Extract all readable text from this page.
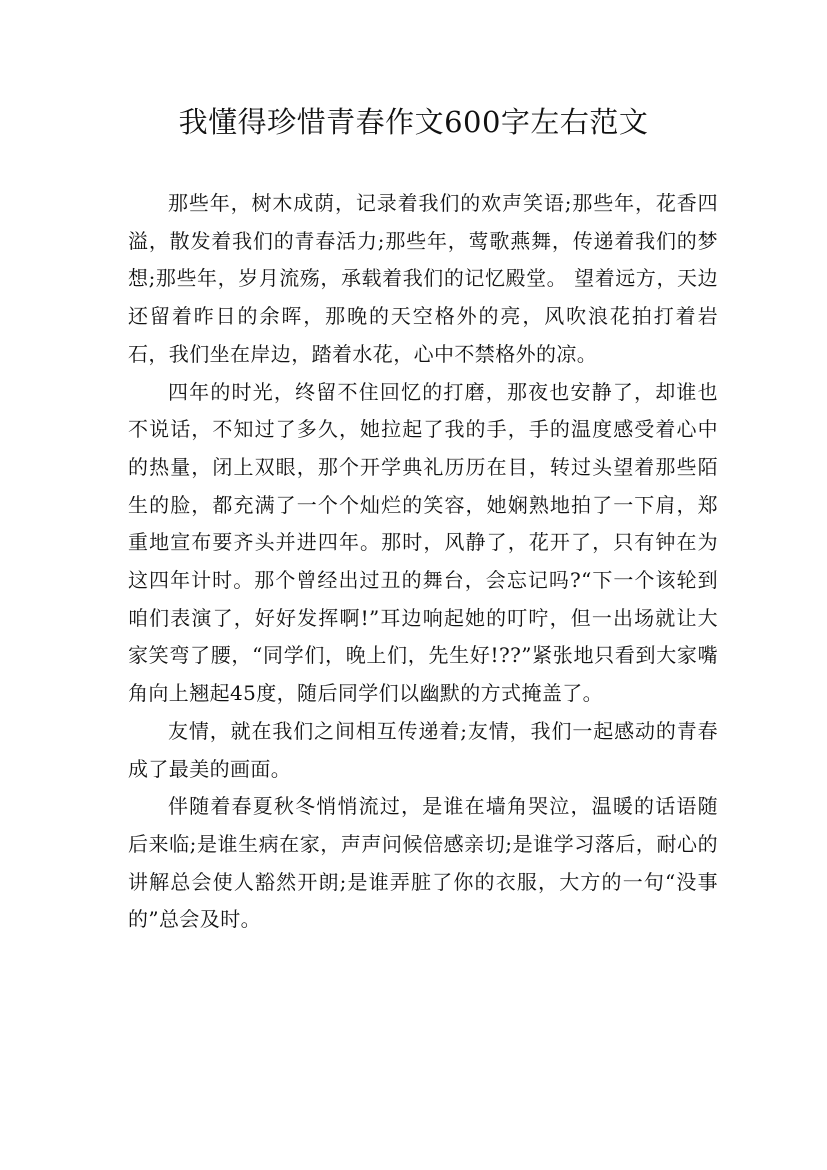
我懂得珍惜青春作文600字左右范文

那些年，树木成荫，记录着我们的欢声笑语;那些年，花香四溢，散发着我们的青春活力;那些年，莺歌燕舞，传递着我们的梦想;那些年，岁月流殇，承载着我们的记忆殿堂。 望着远方，天边还留着昨日的余晖，那晚的天空格外的亮，风吹浪花拍打着岩石，我们坐在岸边，踏着水花，心中不禁格外的凉。

四年的时光，终留不住回忆的打磨，那夜也安静了，却谁也不说话，不知过了多久，她拉起了我的手，手的温度感受着心中的热量，闭上双眼，那个开学典礼历历在目，转过头望着那些陌生的脸，都充满了一个个灿烂的笑容，她娴熟地拍了一下肩，郑重地宣布要齐头并进四年。那时，风静了，花开了，只有钟在为这四年计时。那个曾经出过丑的舞台，会忘记吗?“下一个该轮到咱们表演了，好好发挥啊!”耳边响起她的叮咛，但一出场就让大家笑弯了腰，“同学们，晚上们，先生好!??”紧张地只看到大家嘴角向上翘起45度，随后同学们以幽默的方式掩盖了。

友情，就在我们之间相互传递着;友情，我们一起感动的青春成了最美的画面。

伴随着春夏秋冬悄悄流过，是谁在墙角哭泣，温暖的话语随后来临;是谁生病在家，声声问候倍感亲切;是谁学习落后，耐心的讲解总会使人豁然开朗;是谁弄脏了你的衣服，大方的一句“没事的”总会及时。
